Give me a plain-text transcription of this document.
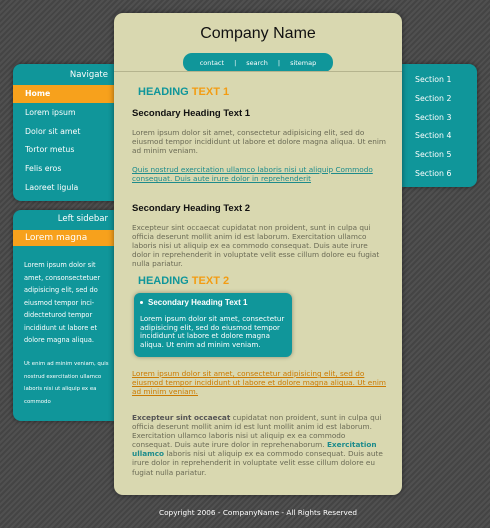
Navigate
Home
Lorem ipsum
Dolor sit amet
Tortor metus
Felis eros
Laoreet ligula
Left sidebar
Lorem magna

Lorem ipsum dolor sit amet, consonsectetuer adipisicing elit, sed do eiusmod tempor inci-didecteturod tempor incididunt ut labore et dolore magna aliqua.

Ut enim ad minim veniam, quis nostrud exercitation ullamco laboris nisi ut aliquip ex ea commodo

Section 1
Section 2
Section 3
Section 4
Section 5
Section 6
Company Name
contact | search | sitemap
HEADING TEXT 1
Secondary Heading Text 1

Lorem ipsum dolor sit amet, consectetur adipisicing elit, sed do eiusmod tempor incididunt ut labore et dolore magna aliqua. Ut enim ad minim veniam.

Quis nostrud exercitation ullamco laboris nisi ut aliquip Commodo consequat. Duis aute irure dolor in reprehenderit

Secondary Heading Text 2

Excepteur sint occaecat cupidatat non proident, sunt in culpa qui officia deserunt mollit anim id est laborum. Exercitation ullamco laboris nisi ut aliquip ex ea commodo consequat. Duis aute irure dolor in reprehenderit in voluptate velit esse cillum dolore eu fugiat nulla pariatur.

HEADING TEXT 2
Secondary Heading Text 1

Lorem ipsum dolor sit amet, consectetur adipisicing elit, sed do eiusmod tempor incididunt ut labore et dolore magna aliqua. Ut enim ad minim veniam.

Lorem ipsum dolor sit amet, consectetur adipisicing elit, sed do eiusmod tempor incididunt ut labore et dolore magna aliqua. Ut enim ad minim veniam.

Excepteur sint occaecat cupidatat non proident, sunt in culpa qui officia deserunt mollit anim id est lunt mollit anim id est laborum. Exercitation ullamco laboris nisi ut aliquip ex ea commodo consequat. Duis aute irure dolor in reprehenaborum. Exercitation ullamco laboris nisi ut aliquip ex ea commodo consequat. Duis aute irure dolor in reprehenderit in voluptate velit esse cillum dolore eu fugiat nulla pariatur.

Copyright 2006 - CompanyName - All Rights Reserved
